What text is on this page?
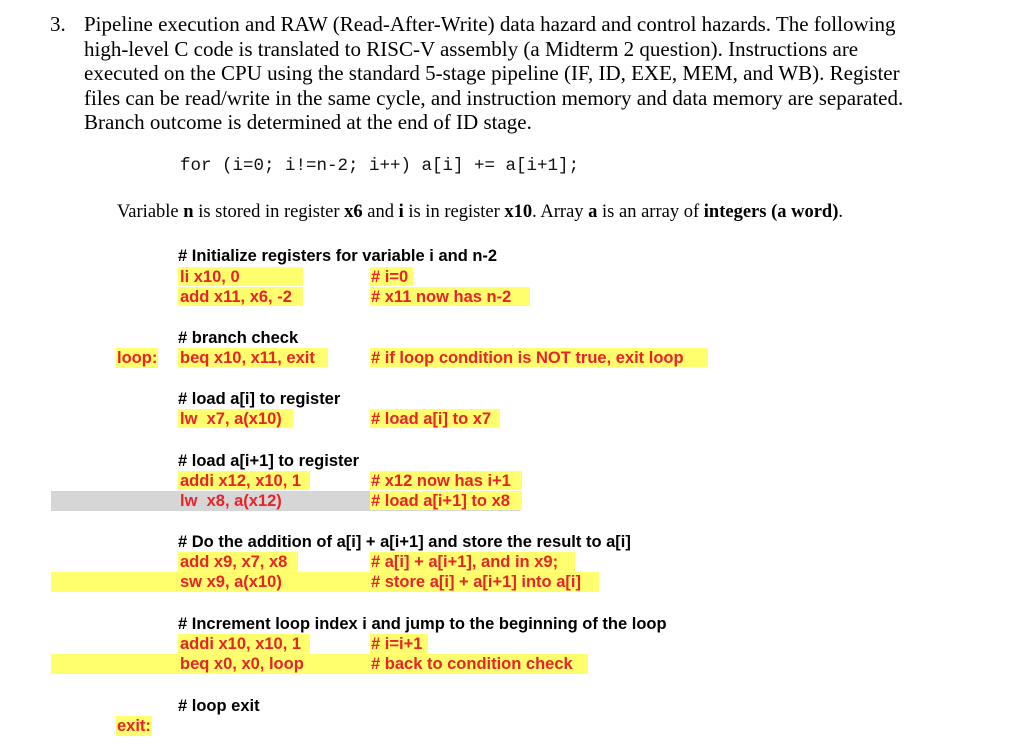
3. Pipeline execution and RAW (Read-After-Write) data hazard and control hazards. The following
high-level C code is translated to RISC-V assembly (a Midterm 2 question). Instructions are
executed on the CPU using the standard 5-stage pipeline (IF, ID, EXE, MEM, and WB). Register
files can be read/write in the same cycle, and instruction memory and data memory are separated.
Branch outcome is determined at the end of ID stage.
for (i=0; i!=n-2; i++) a[i] += a[i+1];
Variable n is stored in register x6 and i is in register x10. Array a is an array of integers (a word).
# Initialize registers for variable i and n-2
li x10, 0	# i=0
add x11, x6, -2	# x11 now has n-2
# branch check
loop: beq x10, x11, exit	# if loop condition is NOT true, exit loop
# load a[i] to register
lw  x7, a(x10)	# load a[i] to x7
# load a[i+1] to register
addi x12, x10, 1	# x12 now has i+1
lw  x8, a(x12)	# load a[i+1] to x8
# Do the addition of a[i] + a[i+1] and store the result to a[i]
add x9, x7, x8	# a[i] + a[i+1], and in x9;
sw x9, a(x10)	# store a[i] + a[i+1] into a[i]
# Increment loop index i and jump to the beginning of the loop
addi x10, x10, 1	# i=i+1
beq x0, x0, loop	# back to condition check
# loop exit
exit:
